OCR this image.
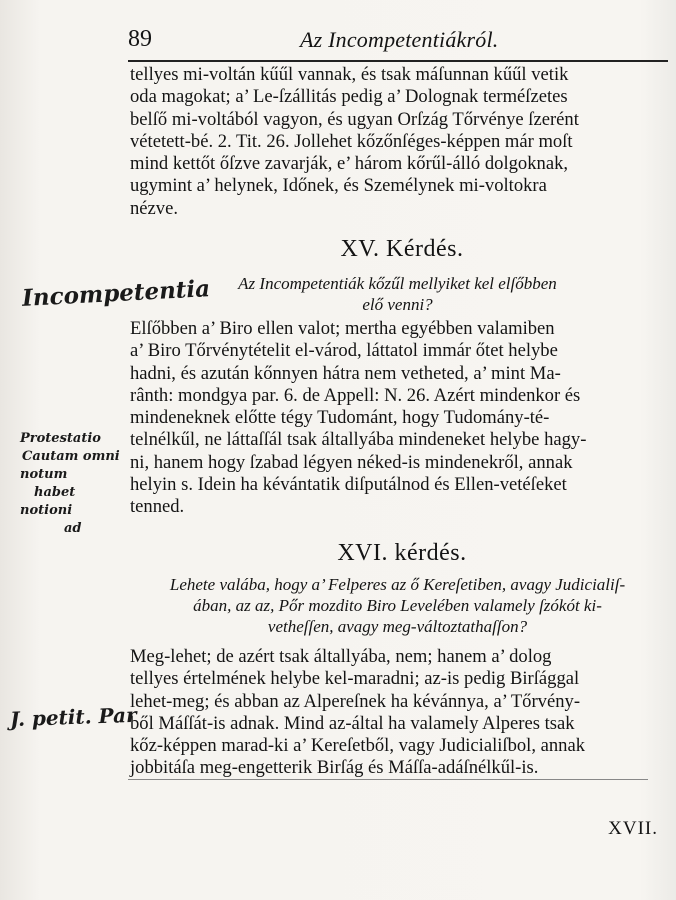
89	Az Incompetentiákról.
tellyes mi-voltán kűűl vannak, és tsak máſunnan kűűl vetik
oda magokat; a’ Le-ſzállitás pedig a’ Dolognak terméſzetes
belſő mi-voltából vagyon, és ugyan Orſzág Tőrvénye ſzerént
vétetett-bé. 2. Tit. 26. Jollehet kőzőnſéges-képpen már moſt
mind kettőt őſzve zavarják, e’ három kőrűl-álló dolgoknak,
ugymint a’ helynek, Időnek, és Személynek mi-voltokra
nézve.
XV. Kérdés.
Az Incompetentiák kőzűl mellyiket kel elſőbben
elő venni?
Elſőbben a’ Biro ellen valot; mertha egyébben valamiben
a’ Biro Tőrvénytételit el-várod, láttatol immár őtet helybe
hadni, és azután kőnnyen hátra nem vetheted, a’ mint Ma-
rânth: mondgya par. 6. de Appell: N. 26. Azért mindenkor és
mindeneknek előtte tégy Tudománt, hogy Tudomány-té-
telnélkűl, ne láttaſſál tsak általlyába mindeneket helybe hagy-
ni, hanem hogy ſzabad légyen néked-is mindenekről, annak
helyin s. Idein ha kévántatik diſputálnod és Ellen-vetéſeket
tenned.
XVI. kérdés.
Lehete valába, hogy a’ Felperes az ő Kereſetiben, avagy Judicialiſ-
ában, az az, Pőr mozdito Biro Levelében valamely ſzókót ki-
vetheſſen, avagy meg-változtathaſſon?
Meg-lehet; de azért tsak általlyába, nem; hanem a’ dolog
tellyes értelmének helybe kel-maradni; az-is pedig Birſággal
lehet-meg; és abban az Alpereſnek ha kévánnya, a’ Tőrvény-
ből Máſſát-is adnak. Mind az-által ha valamely Alperes tsak
kőz-képpen marad-ki a’ Kereſetből, vagy Judicialiſbol, annak
jobbitáſa meg-engetterik Birſág és Máſſa-adáſnélkűl-is.
XVII.
Incompetentia
Protestatio
Cautam omni
notum
habet
notioni
ad
J. petit. Par
